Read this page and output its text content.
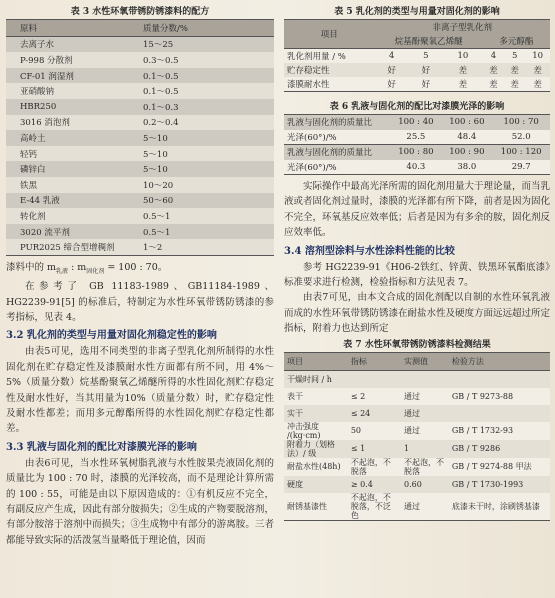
表 3 水性环氧带锈防锈漆料的配方
原料	质量分数/%
去离子水	15～25
P-998 分散剂	0.3～0.5
CF-01 润湿剂	0.1～0.5
亚硝酸钠	0.1～0.5
HBR250	0.1～0.3
3016 消泡剂	0.2～0.4
高岭土	5～10
轻钙	5～10
磷锌白	5～10
铁黑	10～20
E-44 乳液	50～60
转化剂	0.5～1
3020 流平剂	0.5～1
PUR2025 缔合型增稠剂	1～2
漆料中的 $m_{乳液}$ : $m_{固化剂} = 100$ : 70。
在参考了 GB 11183-1989、GB11184-1989、HG2239-91[5] 的标准后，特制定为水性环氧带锈防锈漆的参考指标，见表 4。
3.2 乳化剂的类型与用量对固化剂稳定性的影响
由表5可见，选用不同类型的非离子型乳化剂所制得的水性固化剂在贮存稳定性及漆膜耐水性方面都有所不同，用 4%～5%（质量分数）烷基酚聚氧乙烯醚所得的水性固化剂贮存稳定性及耐水性好，当其用量为10%（质量分数）时，贮存稳定性及耐水性都差；而用多元醇酯所得的水性固化剂贮存稳定性都差。
3.3 乳液与固化剂的配比对漆膜光泽的影响
由表6可见，当水性环氧树脂乳液与水性胺果壳液固化剂的质量比为 100 : 70 时，漆膜的光泽较高，而不是理论计算所需的 100 : 55，可能是由以下原因造成的：①有机反应不完全，有副反应产生成，因此有部分胺损失；②生成的产物要脱溶剂，有部分胺溶于溶剂中而损失；③生成物中有部分的游离胺。三者都能导致实际的活泼氢当量略低于理论值，因而
表 5 乳化剂的类型与用量对固化剂的影响
项目	非离子型乳化剂					
	烷基酚聚氧乙烯醚			多元醇酯		
乳化剂用量 / %	4	5	10	4	5	10
贮存稳定性	好	好	差	差	差	差
漆膜耐水性	好	好	差	差	差	差
表 6 乳液与固化剂的配比对漆膜光泽的影响
乳液与固化剂的质量比	100 : 40	100 : 60	100 : 70
光泽(60°)/%	25.5	48.4	52.0
乳液与固化剂的质量比	100 : 80	100 : 90	100 : 120
光泽(60°)/%	40.3	38.0	29.7
实际操作中最高光泽所需的固化剂用量大于理论量，而当乳液或者固化剂过量时，漆膜的光泽都有所下降，前者是因为固化不完全，环氧基反应效率低；后者是因为有多余的胺，固化剂反应效率低。
3.4 溶剂型涂料与水性涂料性能的比较
参考 HG2239-91《H06-2铁红、锌黄、铁黑环氧酯底漆》标准要求进行检测，检验指标和方法见表 7。
由表7可见，由本文合成的固化剂配以自制的水性环氧乳液而成的水性环氧带锈防锈漆在耐盐水性及硬度方面远远超过所定指标，附着力也达到所定
表 7 水性环氧带锈防锈漆料检测结果
项目	指标	实测值	检验方法
干燥时间 / h			
表干	≤ 2	通过	GB / T 9273-88
实干	≤ 24	通过	
冲击强度 /(kg·cm)	50	通过	GB / T 1732-93
附着力（划格法）/ 级	≤ 1	1	GB / T 9286
耐盐水性(48h)	不起泡，不脱落	不起泡，不脱落	GB / T 9274-88 甲法
硬度	≥ 0.4	0.60	GB / T 1730-1993
耐锈基漆性	不起泡，不脱落，不泛色	通过	底漆未干时，涂刷锈基漆
